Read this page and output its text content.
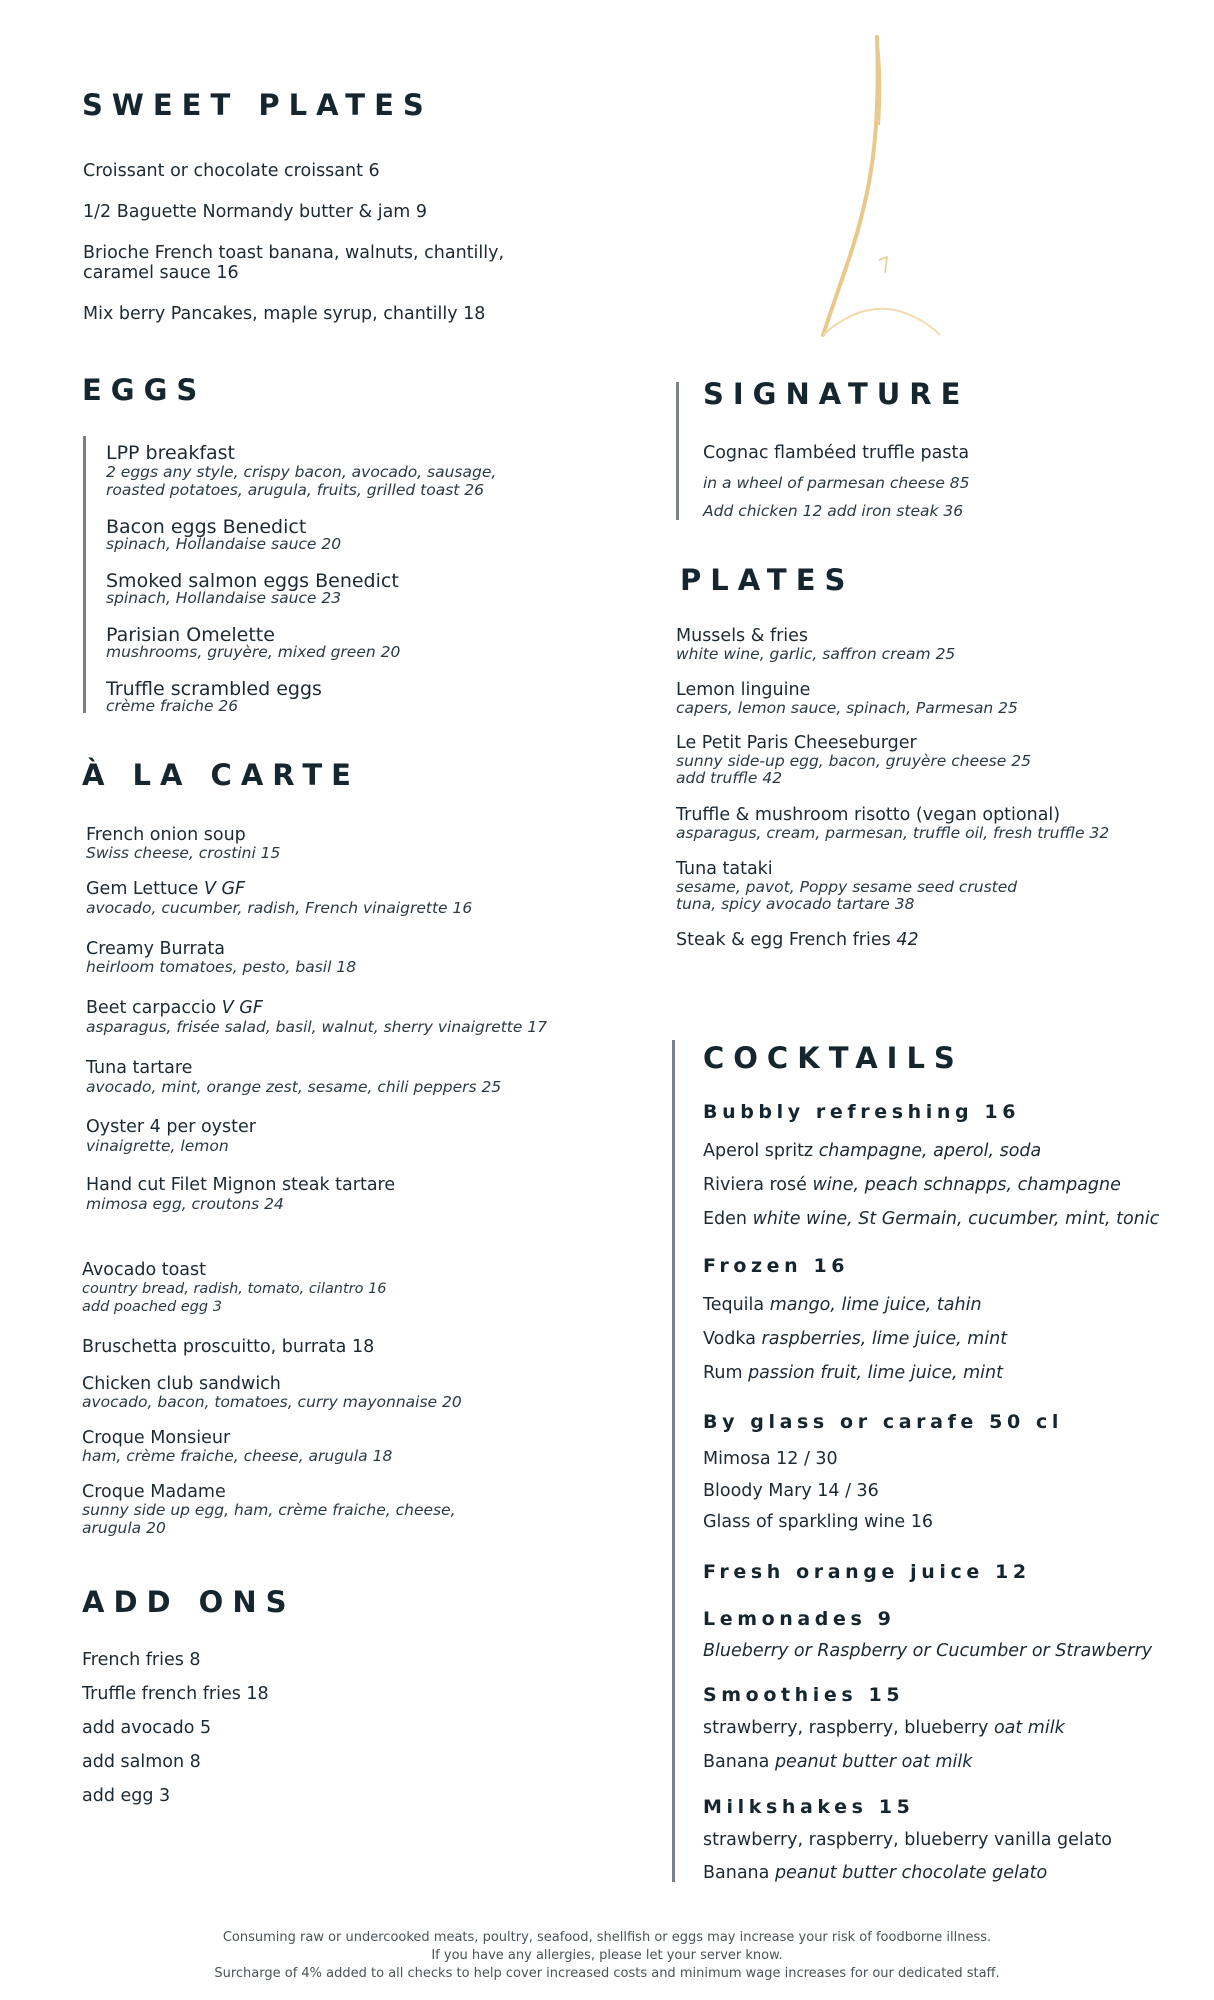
SWEET PLATES
Croissant or chocolate croissant 6
1/2 Baguette Normandy butter & jam 9
Brioche French toast banana, walnuts, chantilly,
caramel sauce 16
Mix berry Pancakes, maple syrup, chantilly 18
EGGS
LPP breakfast
2 eggs any style, crispy bacon, avocado, sausage,
roasted potatoes, arugula, fruits, grilled toast 26
Bacon eggs Benedict
spinach, Hollandaise sauce 20
Smoked salmon eggs Benedict
spinach, Hollandaise sauce 23
Parisian Omelette
mushrooms, gruyère, mixed green 20
Truffle scrambled eggs
crème fraiche 26
À LA CARTE
French onion soup
Swiss cheese, crostini 15
Gem Lettuce V GF
avocado, cucumber, radish, French vinaigrette 16
Creamy Burrata
heirloom tomatoes, pesto, basil 18
Beet carpaccio V GF
asparagus, frisée salad, basil, walnut, sherry vinaigrette 17
Tuna tartare
avocado, mint, orange zest, sesame, chili peppers 25
Oyster 4 per oyster
vinaigrette, lemon
Hand cut Filet Mignon steak tartare
mimosa egg, croutons 24
Avocado toast
country bread, radish, tomato, cilantro 16
add poached egg 3
Bruschetta proscuitto, burrata 18
Chicken club sandwich
avocado, bacon, tomatoes, curry mayonnaise 20
Croque Monsieur
ham, crème fraiche, cheese, arugula 18
Croque Madame
sunny side up egg, ham, crème fraiche, cheese,
arugula 20
ADD ONS
French fries 8
Truffle french fries 18
add avocado 5
add salmon 8
add egg 3
SIGNATURE
Cognac flambéed truffle pasta
in a wheel of parmesan cheese 85
Add chicken 12 add iron steak 36
PLATES
Mussels & fries
white wine, garlic, saffron cream 25
Lemon linguine
capers, lemon sauce, spinach, Parmesan 25
Le Petit Paris Cheeseburger
sunny side-up egg, bacon, gruyère cheese 25
add truffle 42
Truffle & mushroom risotto (vegan optional)
asparagus, cream, parmesan, truffle oil, fresh truffle 32
Tuna tataki
sesame, pavot, Poppy sesame seed crusted
tuna, spicy avocado tartare 38
Steak & egg French fries 42
COCKTAILS
Bubbly refreshing 16
Aperol spritz champagne, aperol, soda
Riviera rosé wine, peach schnapps, champagne
Eden white wine, St Germain, cucumber, mint, tonic
Frozen 16
Tequila mango, lime juice, tahin
Vodka raspberries, lime juice, mint
Rum passion fruit, lime juice, mint
By glass or carafe 50 cl
Mimosa 12 / 30
Bloody Mary 14 / 36
Glass of sparkling wine 16
Fresh orange juice 12
Lemonades 9
Blueberry or Raspberry or Cucumber or Strawberry
Smoothies 15
strawberry, raspberry, blueberry oat milk
Banana peanut butter oat milk
Milkshakes 15
strawberry, raspberry, blueberry vanilla gelato
Banana peanut butter chocolate gelato
Consuming raw or undercooked meats, poultry, seafood, shellfish or eggs may increase your risk of foodborne illness.
If you have any allergies, please let your server know.
Surcharge of 4% added to all checks to help cover increased costs and minimum wage increases for our dedicated staff.
